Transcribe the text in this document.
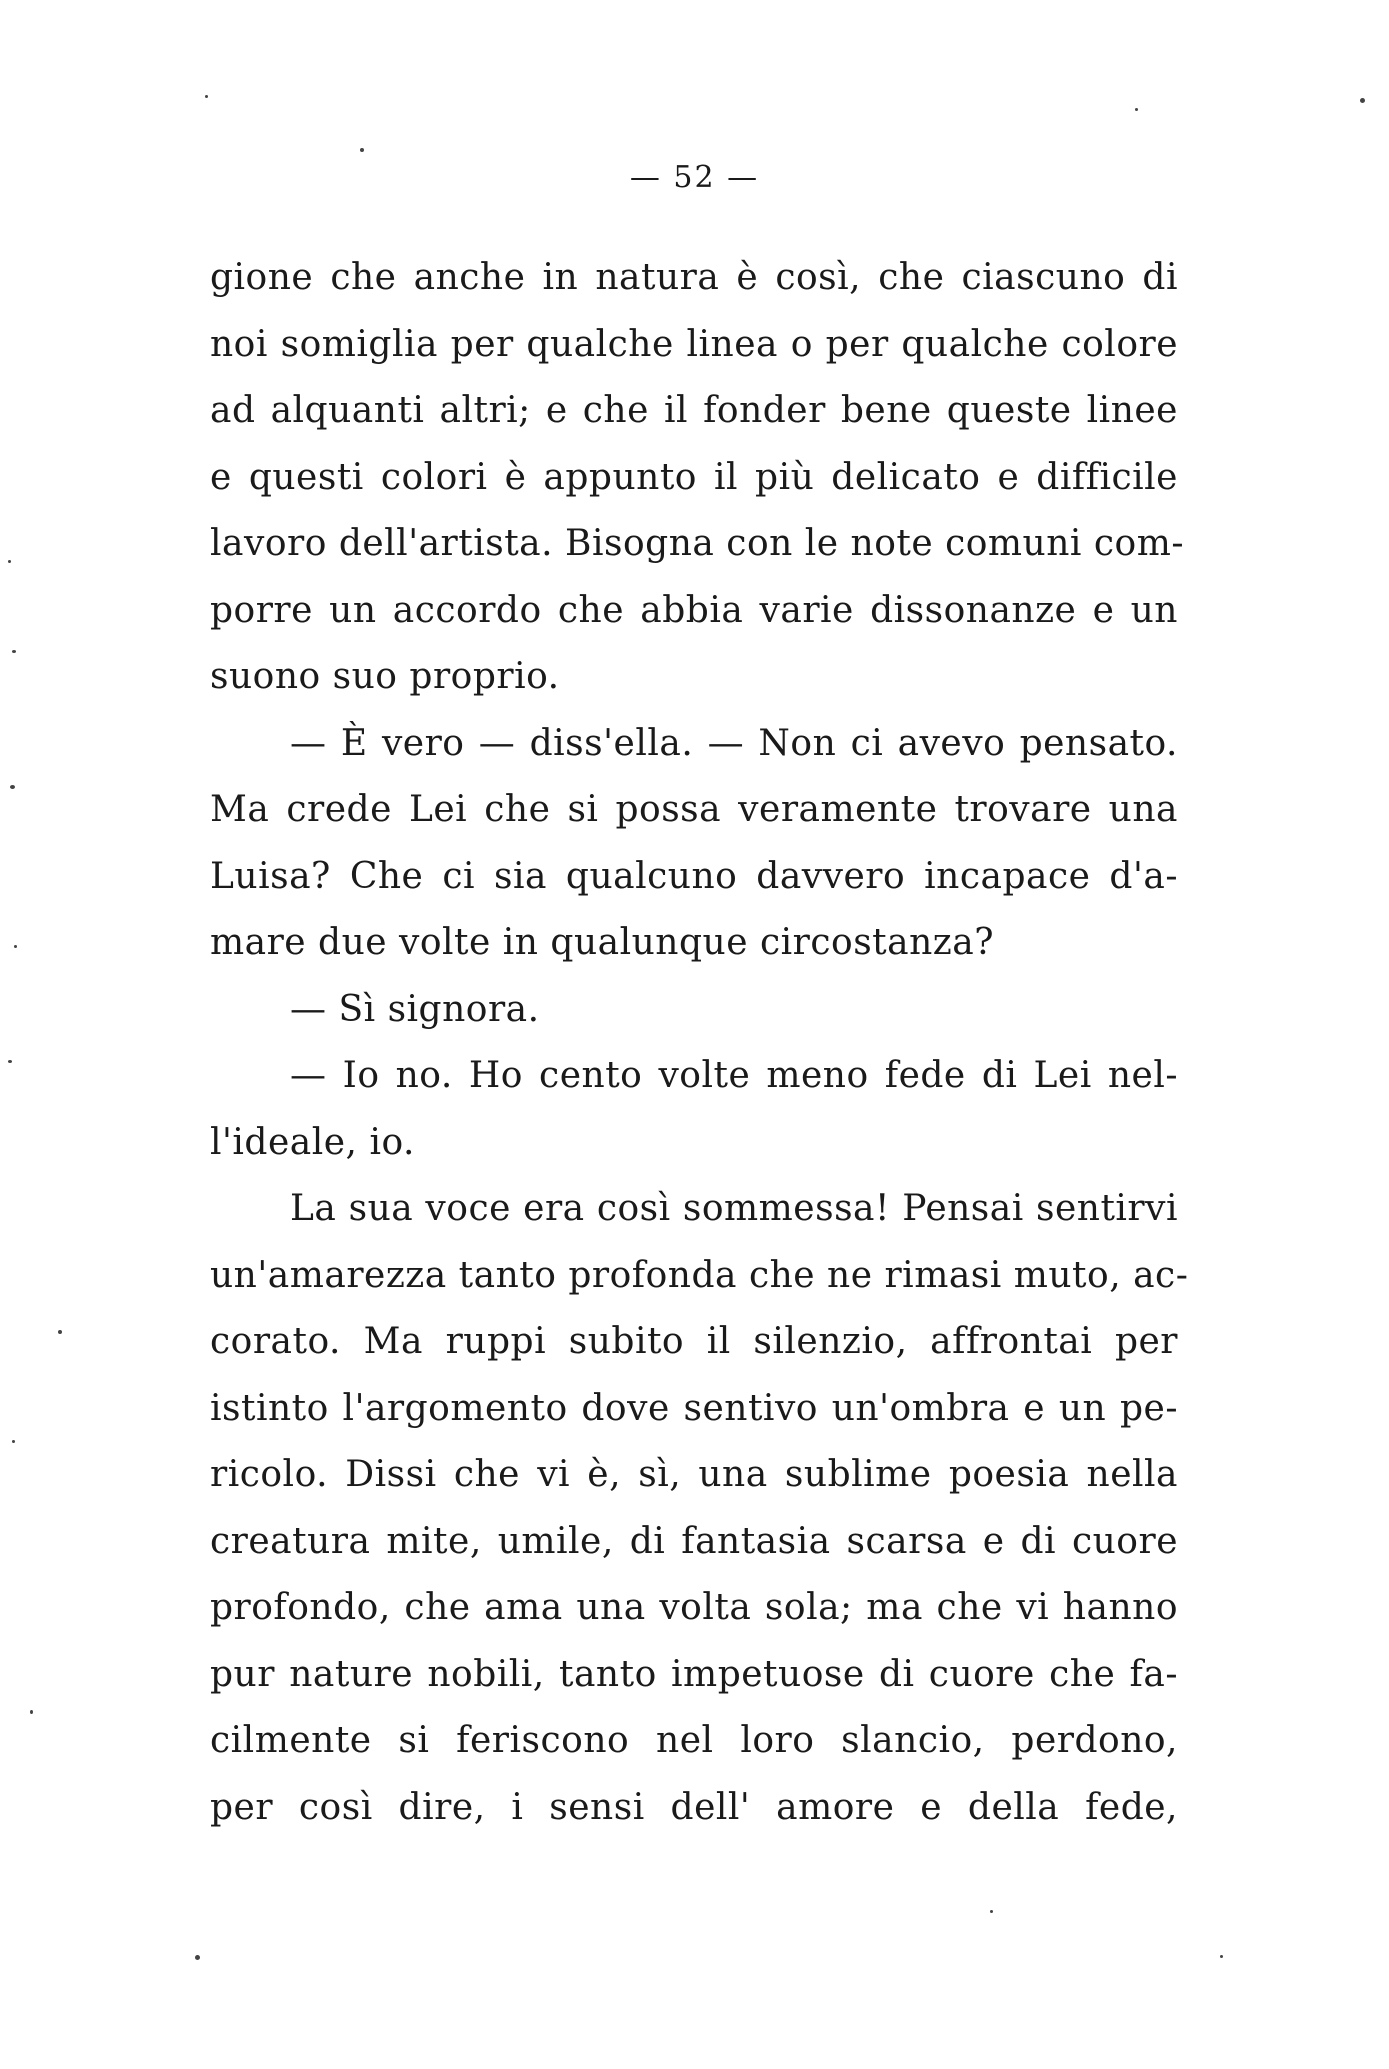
— 52 —
gione che anche in natura è così, che ciascuno di
noi somiglia per qualche linea o per qualche colore
ad alquanti altri; e che il fonder bene queste linee
e questi colori è appunto il più delicato e difficile
lavoro dell'artista. Bisogna con le note comuni com-
porre un accordo che abbia varie dissonanze e un
suono suo proprio.
— È vero — diss'ella. — Non ci avevo pensato.
Ma crede Lei che si possa veramente trovare una
Luisa? Che ci sia qualcuno davvero incapace d'a-
mare due volte in qualunque circostanza?
— Sì signora.
— Io no. Ho cento volte meno fede di Lei nel-
l'ideale, io.
La sua voce era così sommessa! Pensai sentirvi
un'amarezza tanto profonda che ne rimasi muto, ac-
corato. Ma ruppi subito il silenzio, affrontai per
istinto l'argomento dove sentivo un'ombra e un pe-
ricolo. Dissi che vi è, sì, una sublime poesia nella
creatura mite, umile, di fantasia scarsa e di cuore
profondo, che ama una volta sola; ma che vi hanno
pur nature nobili, tanto impetuose di cuore che fa-
cilmente si feriscono nel loro slancio, perdono,
per così dire, i sensi dell' amore e della fede,
